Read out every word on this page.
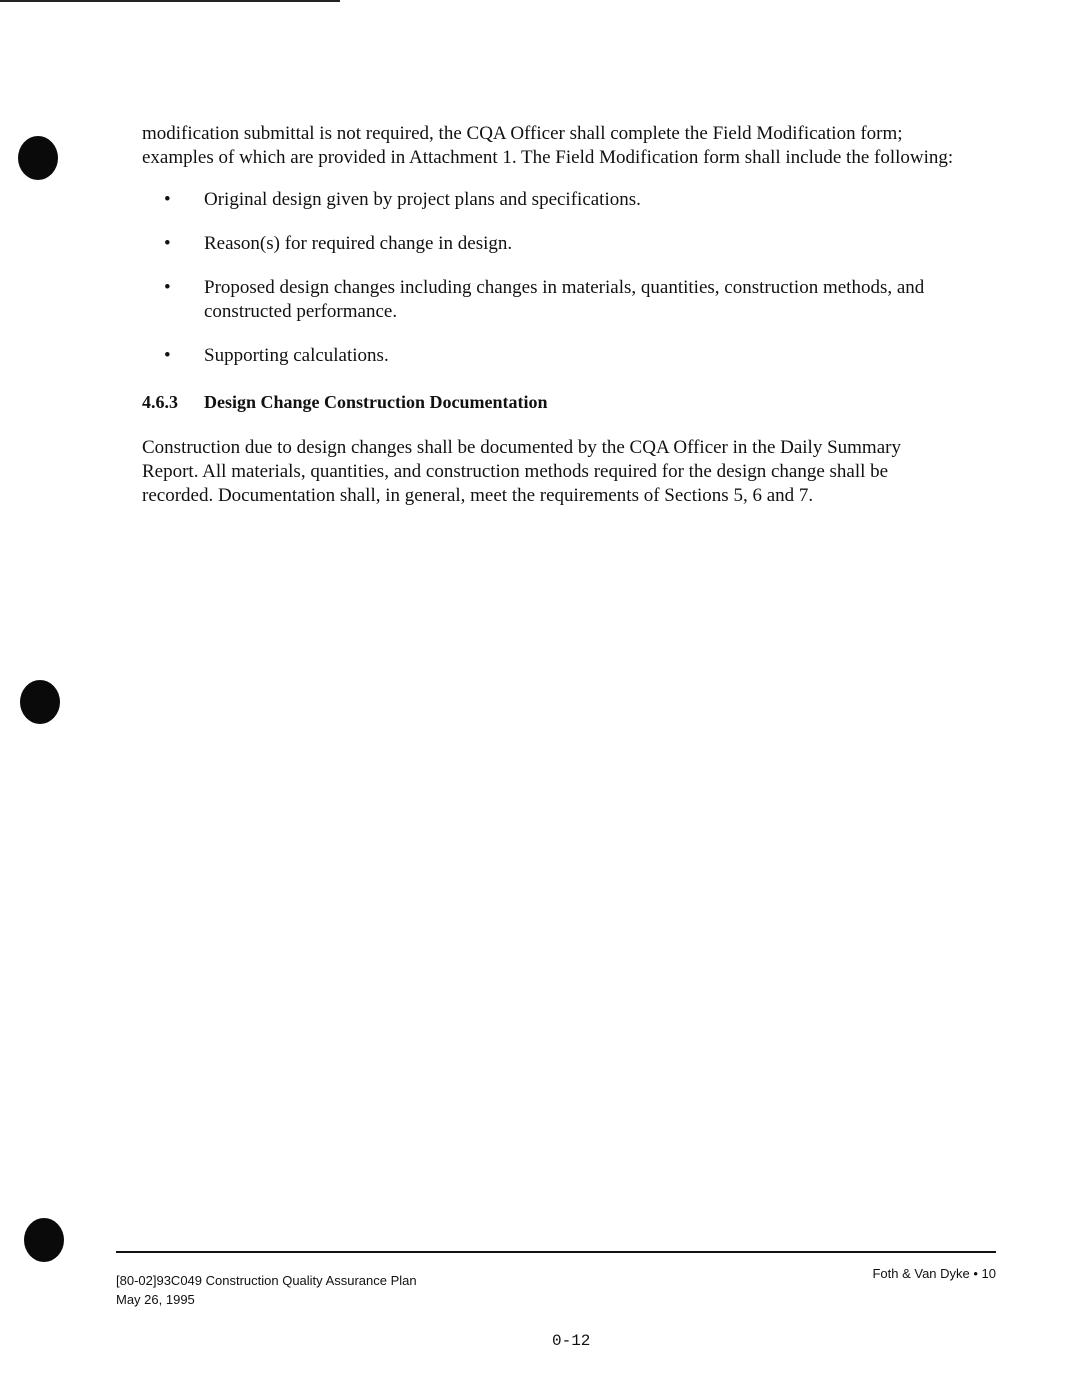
modification submittal is not required, the CQA Officer shall complete the Field Modification form; examples of which are provided in Attachment 1. The Field Modification form shall include the following:

• Original design given by project plans and specifications.
• Reason(s) for required change in design.
• Proposed design changes including changes in materials, quantities, construction methods, and constructed performance.
• Supporting calculations.
4.6.3 Design Change Construction Documentation

Construction due to design changes shall be documented by the CQA Officer in the Daily Summary Report. All materials, quantities, and construction methods required for the design change shall be recorded. Documentation shall, in general, meet the requirements of Sections 5, 6 and 7.

[80-02]93C049 Construction Quality Assurance Plan
May 26, 1995
Foth & Van Dyke • 10
0-12
